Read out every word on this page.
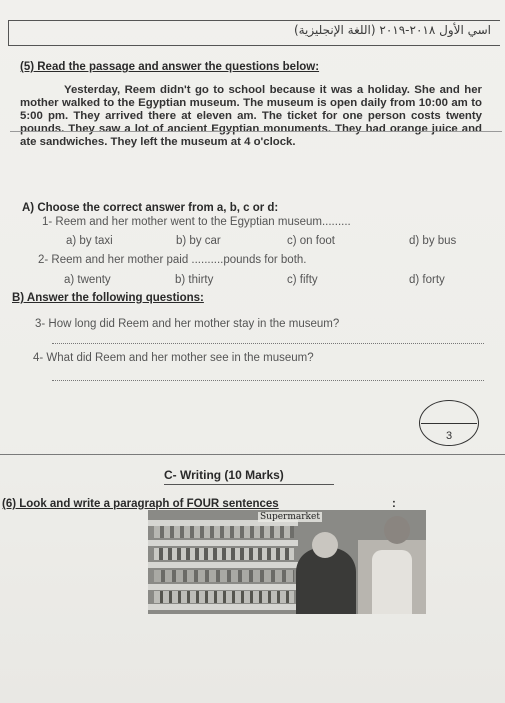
اسي الأول ٢٠١٨-٢٠١٩ (اللغة الإنجليزية)
(5) Read the passage and answer the questions below:

Yesterday, Reem didn't go to school because it was a holiday. She and her mother walked to the Egyptian museum. The museum is open daily from 10:00 am to 5:00 pm. They arrived there at eleven am. The ticket for one person costs twenty pounds. They saw a lot of ancient Egyptian monuments. They had orange juice and ate sandwiches. They left the museum at 4 o'clock.

A) Choose the correct answer from a, b, c or d:
1- Reem and her mother went to the Egyptian museum.........
a) by taxi	b) by car	c) on foot	d) by bus
2- Reem and her mother paid ..........pounds for both.
a) twenty	b) thirty	c) fifty	d) forty
B) Answer the following questions:
3- How long did Reem and her mother stay in the museum?
4- What did Reem and her mother see in the museum?
3
C- Writing (10 Marks)
(6) Look and write a paragraph of FOUR sentences	:
Supermarket
